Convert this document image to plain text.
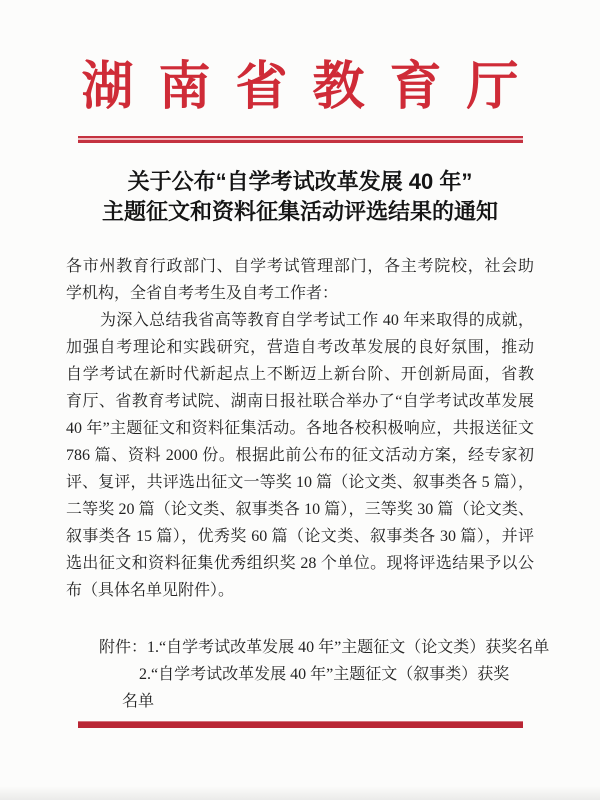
湖南省教育厅
关于公布“自学考试改革发展 40 年”
主题征文和资料征集活动评选结果的通知
各市州教育行政部门、自学考试管理部门，各主考院校，社会助
学机构，全省自考考生及自考工作者：
为深入总结我省高等教育自学考试工作 40 年来取得的成就，
加强自考理论和实践研究，营造自考改革发展的良好氛围，推动
自学考试在新时代新起点上不断迈上新台阶、开创新局面，省教
育厅、省教育考试院、湖南日报社联合举办了“自学考试改革发展
40 年”主题征文和资料征集活动。各地各校积极响应，共报送征文
786 篇、资料 2000 份。根据此前公布的征文活动方案，经专家初
评、复评，共评选出征文一等奖 10 篇（论文类、叙事类各 5 篇），
二等奖 20 篇（论文类、叙事类各 10 篇），三等奖 30 篇（论文类、
叙事类各 15 篇），优秀奖 60 篇（论文类、叙事类各 30 篇），并评
选出征文和资料征集优秀组织奖 28 个单位。现将评选结果予以公
布（具体名单见附件）。
附件：1.“自学考试改革发展 40 年”主题征文（论文类）获奖名单
2.“自学考试改革发展 40 年”主题征文（叙事类）获奖
名单
